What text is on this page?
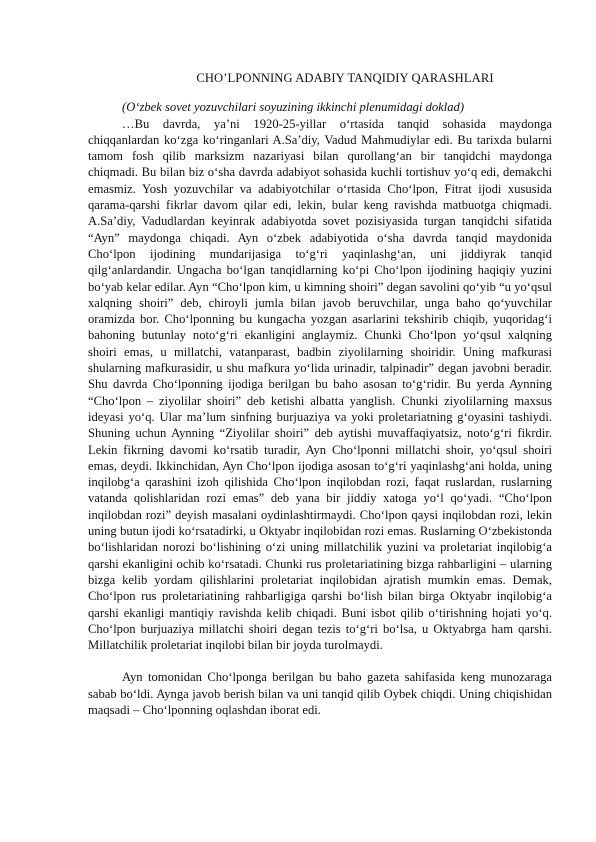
CHO’LPONNING ADABIY TANQIDIY QARASHLARI

(O‘zbek sovet yozuvchilari soyuzining ikkinchi plenumidagi doklad)

…Bu davrda, ya’ni 1920-25-yillar o‘rtasida tanqid sohasida maydonga chiqqanlardan ko‘zga ko‘ringanlari A.Sa’diy, Vadud Mahmudiylar edi. Bu tarixda bularni tamom fosh qilib marksizm nazariyasi bilan qurollang‘an bir tanqidchi maydonga chiqmadi. Bu bilan biz o‘sha davrda adabiyot sohasida kuchli tortishuv yo‘q edi, demakchi emasmiz. Yosh yozuvchilar va adabiyotchilar o‘rtasida Cho‘lpon, Fitrat ijodi xususida qarama-qarshi fikrlar davom qilar edi, lekin, bular keng ravishda matbuotga chiqmadi. A.Sa’diy, Vadudlardan keyinrak adabiyotda sovet pozisiyasida turgan tanqidchi sifatida “Ayn” maydonga chiqadi. Ayn o‘zbek adabiyotida o‘sha davrda tanqid maydonida Cho‘lpon ijodining mundarijasiga to‘g‘ri yaqinlashg‘an, uni jiddiyrak tanqid qilg‘anlardandir. Ungacha bo‘lgan tanqidlarning ko‘pi Cho‘lpon ijodining haqiqiy yuzini bo‘yab kelar edilar. Ayn “Cho‘lpon kim, u kimning shoiri” degan savolini qo‘yib “u yo‘qsul xalqning shoiri” deb, chiroyli jumla bilan javob beruvchilar, unga baho qo‘yuvchilar oramizda bor. Cho‘lponning bu kungacha yozgan asarlarini tekshirib chiqib, yuqoridag‘i bahoning butunlay noto‘g‘ri ekanligini anglaymiz. Chunki Cho‘lpon yo‘qsul xalqning shoiri emas, u millatchi, vatanparast, badbin ziyolilarning shoiridir. Uning mafkurasi shularning mafkurasidir, u shu mafkura yo‘lida urinadir, talpinadir” degan javobni beradir. Shu davrda Cho‘lponning ijodiga berilgan bu baho asosan to‘g‘ridir. Bu yerda Aynning “Cho‘lpon – ziyolilar shoiri” deb ketishi albatta yanglish. Chunki ziyolilarning maxsus ideyasi yo‘q. Ular ma’lum sinfning burjuaziya va yoki proletariatning g‘oyasini tashiydi. Shuning uchun Aynning “Ziyolilar shoiri” deb aytishi muvaffaqiyatsiz, noto‘g‘ri fikrdir. Lekin fikrning davomi ko‘rsatib turadir, Ayn Cho‘lponni millatchi shoir, yo‘qsul shoiri emas, deydi. Ikkinchidan, Ayn Cho‘lpon ijodiga asosan to‘g‘ri yaqinlashg‘ani holda, uning inqilobg‘a qarashini izoh qilishida Cho‘lpon inqilobdan rozi, faqat ruslardan, ruslarning vatanda qolishlaridan rozi emas” deb yana bir jiddiy xatoga yo‘l qo‘yadi. “Cho‘lpon inqilobdan rozi” deyish masalani oydinlashtirmaydi. Cho‘lpon qaysi inqilobdan rozi, lekin uning butun ijodi ko‘rsatadirki, u Oktyabr inqilobidan rozi emas. Ruslarning O‘zbekistonda bo‘lishlaridan norozi bo‘lishining o‘zi uning millatchilik yuzini va proletariat inqilobig‘a qarshi ekanligini ochib ko‘rsatadi. Chunki rus proletariatining bizga rahbarligini – ularning bizga kelib yordam qilishlarini proletariat inqilobidan ajratish mumkin emas. Demak, Cho‘lpon rus proletariatining rahbarligiga qarshi bo‘lish bilan birga Oktyabr inqilobig‘a qarshi ekanligi mantiqiy ravishda kelib chiqadi. Buni isbot qilib o‘tirishning hojati yo‘q. Cho‘lpon burjuaziya millatchi shoiri degan tezis to‘g‘ri bo‘lsa, u Oktyabrga ham qarshi. Millatchilik proletariat inqilobi bilan bir joyda turolmaydi.

Ayn tomonidan Cho‘lponga berilgan bu baho gazeta sahifasida keng munozaraga sabab bo‘ldi. Aynga javob berish bilan va uni tanqid qilib Oybek chiqdi. Uning chiqishidan maqsadi – Cho‘lponning oqlashdan iborat edi.
